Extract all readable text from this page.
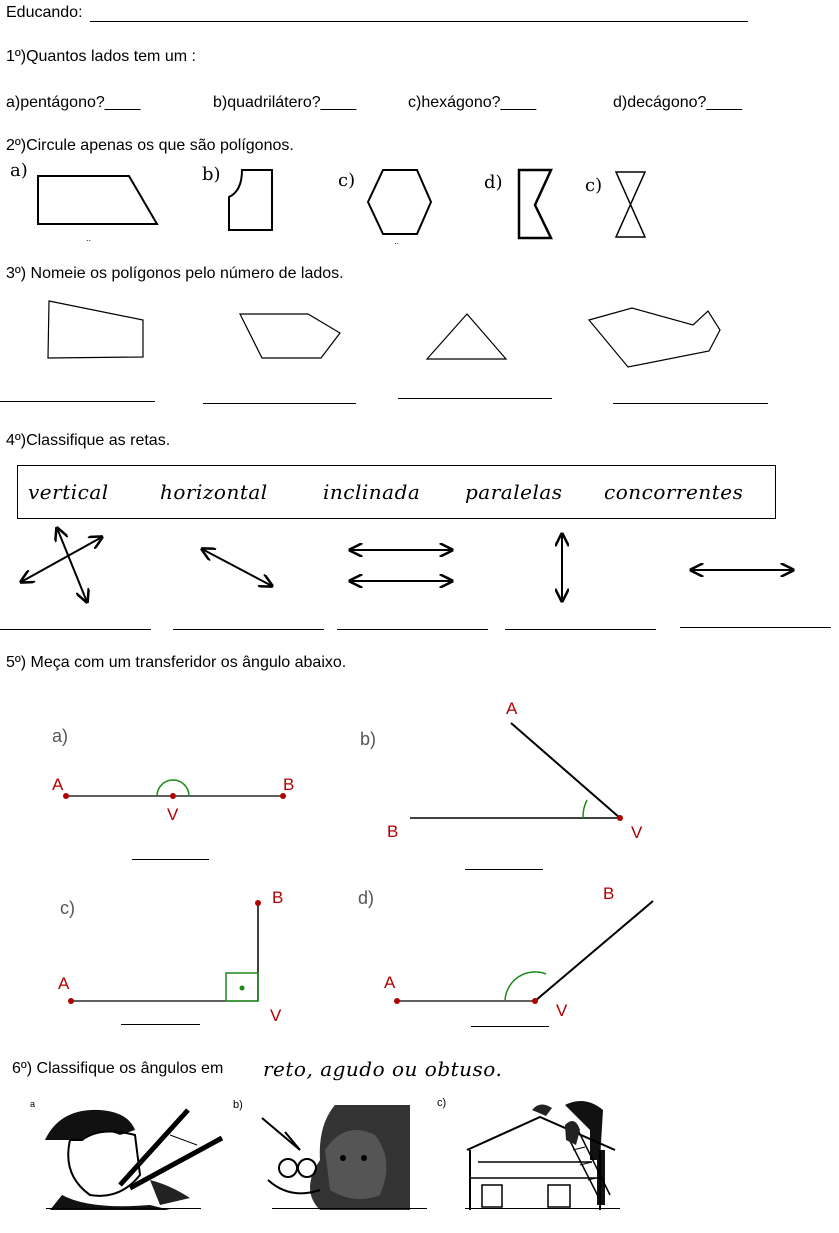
Educando:
1º)Quantos lados tem um :
a)pentágono?____	b)quadrilátero?____	c)hexágono?____	d)decágono?____
2º)Circule apenas os que são polígonos.
a)	b)	c)	d)	c)
..	..
3º) Nomeie os polígonos pelo número de lados.
4º)Classifique as retas.
vertical	horizontal	inclinada paralelas concorrentes
5º) Meça com um transferidor os ângulo abaixo.
a)
A
V
B
b)
A
B	V
c)
A
B
V
d)
A
B
V
6º) Classifique os ângulos em reto, agudo ou obtuso.
a	b)	c)
